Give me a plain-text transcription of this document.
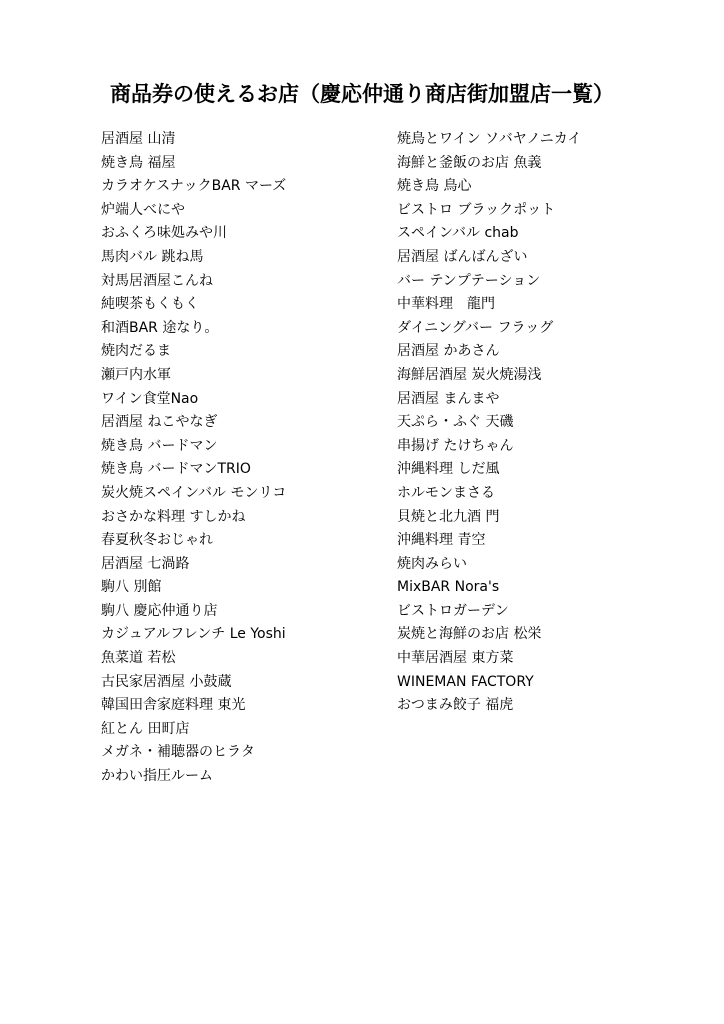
商品券の使えるお店（慶応仲通り商店街加盟店一覧）
居酒屋 山清
焼き鳥 福屋
カラオケスナックBAR マーズ
炉端人べにや
おふくろ味処みや川
馬肉バル 跳ね馬
対馬居酒屋こんね
純喫茶もくもく
和酒BAR 途なり。
焼肉だるま
瀬戸内水軍
ワイン食堂Nao
居酒屋 ねこやなぎ
焼き鳥 バードマン
焼き鳥 バードマンTRIO
炭火焼スペインバル モンリコ
おさかな料理 すしかね
春夏秋冬おじゃれ
居酒屋 七渦路
駒八 別館
駒八 慶応仲通り店
カジュアルフレンチ Le Yoshi
魚菜道 若松
古民家居酒屋 小鼓蔵
韓国田舎家庭料理 東光
紅とん 田町店
メガネ・補聴器のヒラタ
かわい指圧ルーム
焼鳥とワイン ソバヤノニカイ
海鮮と釜飯のお店 魚義
焼き鳥 鳥心
ビストロ ブラックポット
スペインバル chab
居酒屋 ばんばんざい
バー テンプテーション
中華料理　龍門
ダイニングバー フラッグ
居酒屋 かあさん
海鮮居酒屋 炭火焼湯浅
居酒屋 まんまや
天ぷら・ふぐ 天磯
串揚げ たけちゃん
沖縄料理 しだ風
ホルモンまさる
貝焼と北九酒 門
沖縄料理 青空
焼肉みらい
MixBAR Nora's
ビストロガーデン
炭焼と海鮮のお店 松栄
中華居酒屋 東方菜
WINEMAN FACTORY
おつまみ餃子 福虎
